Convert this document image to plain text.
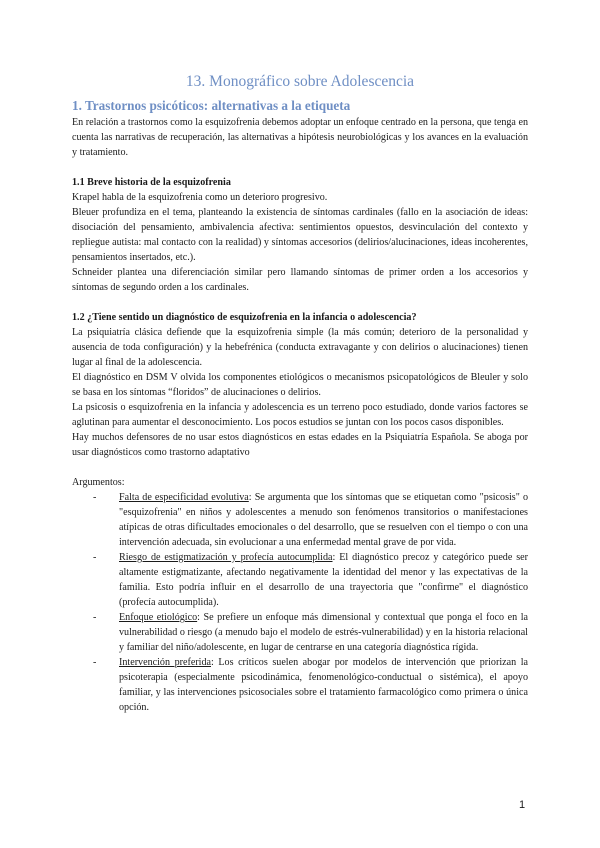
13. Monográfico sobre Adolescencia
1. Trastornos psicóticos: alternativas a la etiqueta

En relación a trastornos como la esquizofrenia debemos adoptar un enfoque centrado en la persona, que tenga en cuenta las narrativas de recuperación, las alternativas a hipótesis neurobiológicas y los avances en la evaluación y tratamiento.

1.1 Breve historia de la esquizofrenia

Krapel habla de la esquizofrenia como un deterioro progresivo.

Bleuer profundiza en el tema, planteando la existencia de síntomas cardinales (fallo en la asociación de ideas: disociación del pensamiento, ambivalencia afectiva: sentimientos opuestos, desvinculación del contexto y repliegue autista: mal contacto con la realidad) y síntomas accesorios (delirios/alucinaciones, ideas incoherentes, pensamientos insertados, etc.).

Schneider plantea una diferenciación similar pero llamando síntomas de primer orden a los accesorios y síntomas de segundo orden a los cardinales.

1.2 ¿Tiene sentido un diagnóstico de esquizofrenia en la infancia o adolescencia?

La psiquiatría clásica defiende que la esquizofrenia simple (la más común; deterioro de la personalidad y ausencia de toda configuración) y la hebefrénica (conducta extravagante y con delirios o alucinaciones) tienen lugar al final de la adolescencia.

El diagnóstico en DSM V olvida los componentes etiológicos o mecanismos psicopatológicos de Bleuler y solo se basa en los síntomas “floridos” de alucinaciones o delirios.

La psicosis o esquizofrenia en la infancia y adolescencia es un terreno poco estudiado, donde varios factores se aglutinan para aumentar el desconocimiento. Los pocos estudios se juntan con los pocos casos disponibles.

Hay muchos defensores de no usar estos diagnósticos en estas edades en la Psiquiatría Española. Se aboga por usar diagnósticos como trastorno adaptativo

Argumentos:

- Falta de especificidad evolutiva: Se argumenta que los síntomas que se etiquetan como "psicosis" o "esquizofrenia" en niños y adolescentes a menudo son fenómenos transitorios o manifestaciones atípicas de otras dificultades emocionales o del desarrollo, que se resuelven con el tiempo o con una intervención adecuada, sin evolucionar a una enfermedad mental grave de por vida.

- Riesgo de estigmatización y profecía autocumplida: El diagnóstico precoz y categórico puede ser altamente estigmatizante, afectando negativamente la identidad del menor y las expectativas de la familia. Esto podría influir en el desarrollo de una trayectoria que "confirme" el diagnóstico (profecía autocumplida).

- Enfoque etiológico: Se prefiere un enfoque más dimensional y contextual que ponga el foco en la vulnerabilidad o riesgo (a menudo bajo el modelo de estrés-vulnerabilidad) y en la historia relacional y familiar del niño/adolescente, en lugar de centrarse en una categoría diagnóstica rígida.

- Intervención preferida: Los críticos suelen abogar por modelos de intervención que priorizan la psicoterapia (especialmente psicodinámica, fenomenológico-conductual o sistémica), el apoyo familiar, y las intervenciones psicosociales sobre el tratamiento farmacológico como primera o única opción.

1
